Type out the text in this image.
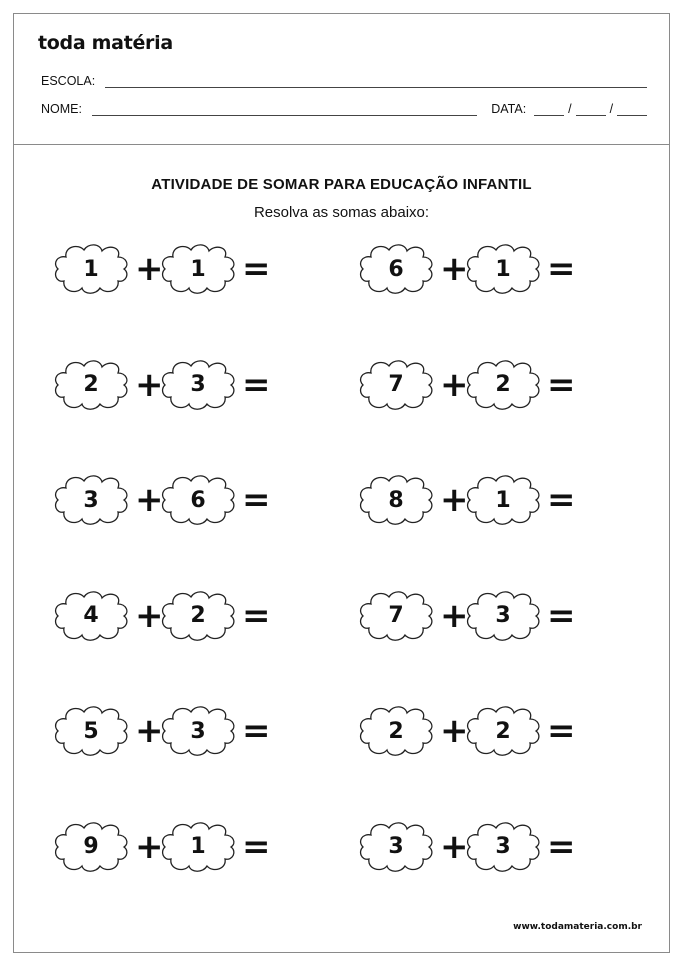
toda matéria
ESCOLA:
NOME:	DATA:	/	/
ATIVIDADE DE SOMAR PARA EDUCAÇÃO INFANTIL
Resolva as somas abaixo:
1	+	1	=
2	+	3	=
3	+	6	=
4	+	2	=
5	+	3	=
9	+	1	=
6	+	1	=
7	+	2	=
8	+	1	=
7	+	3	=
2	+	2	=
3	+	3	=
www.todamateria.com.br
